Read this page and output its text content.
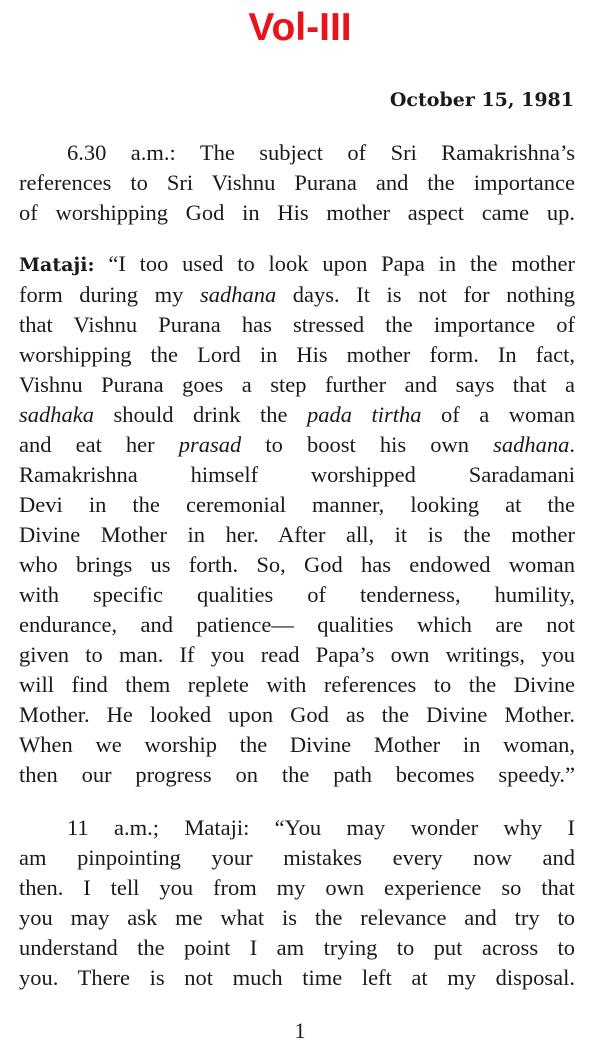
Vol-III
October 15, 1981
6.30 a.m.: The subject of Sri Ramakrishna’s
references to Sri Vishnu Purana and the importance
of worshipping God in His mother aspect came up.
Mataji: “I too used to look upon Papa in the mother
form during my sadhana days. It is not for nothing
that Vishnu Purana has stressed the importance of
worshipping the Lord in His mother form. In fact,
Vishnu Purana goes a step further and says that a
sadhaka should drink the pada tirtha of a woman
and eat her prasad to boost his own sadhana.
Ramakrishna himself worshipped Saradamani
Devi in the ceremonial manner, looking at the
Divine Mother in her. After all, it is the mother
who brings us forth. So, God has endowed woman
with specific qualities of tenderness, humility,
endurance, and patience— qualities which are not
given to man. If you read Papa’s own writings, you
will find them replete with references to the Divine
Mother. He looked upon God as the Divine Mother.
When we worship the Divine Mother in woman,
then our progress on the path becomes speedy.”
11 a.m.; Mataji: “You may wonder why I
am pinpointing your mistakes every now and
then. I tell you from my own experience so that
you may ask me what is the relevance and try to
understand the point I am trying to put across to
you. There is not much time left at my disposal.
1
